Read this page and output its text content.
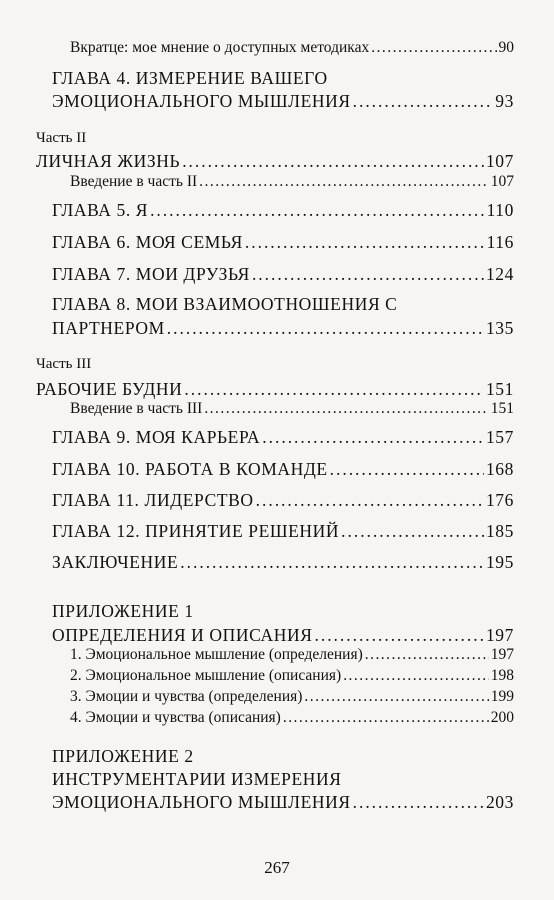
Вкратце: мое мнение о доступных методиках . . .	90
ГЛАВА 4. ИЗМЕРЕНИЕ ВАШЕГО
ЭМОЦИОНАЛЬНОГО МЫШЛЕНИЯ . . .	93
Часть II
ЛИЧНАЯ ЖИЗНЬ . . .	107
Введение в часть II . . .	107
ГЛАВА 5. Я . . .	110
ГЛАВА 6. МОЯ СЕМЬЯ . . .	116
ГЛАВА 7. МОИ ДРУЗЬЯ . . .	124
ГЛАВА 8. МОИ ВЗАИМООТНОШЕНИЯ С
ПАРТНЕРОМ . . .	135
Часть III
РАБОЧИЕ БУДНИ . . .	151
Введение в часть III . . .	151
ГЛАВА 9. МОЯ КАРЬЕРА . . .	157
ГЛАВА 10. РАБОТА В КОМАНДЕ . . .	168
ГЛАВА 11. ЛИДЕРСТВО . . .	176
ГЛАВА 12. ПРИНЯТИЕ РЕШЕНИЙ . . .	185
ЗАКЛЮЧЕНИЕ . . .	195
ПРИЛОЖЕНИЕ 1
ОПРЕДЕЛЕНИЯ И ОПИСАНИЯ . . .	197
1. Эмоциональное мышление (определения) . . .	197
2. Эмоциональное мышление (описания) . . .	198
3. Эмоции и чувства (определения) . . .	199
4. Эмоции и чувства (описания) . . .	200
ПРИЛОЖЕНИЕ 2
ИНСТРУМЕНТАРИИ ИЗМЕРЕНИЯ
ЭМОЦИОНАЛЬНОГО МЫШЛЕНИЯ . . .	203
267
